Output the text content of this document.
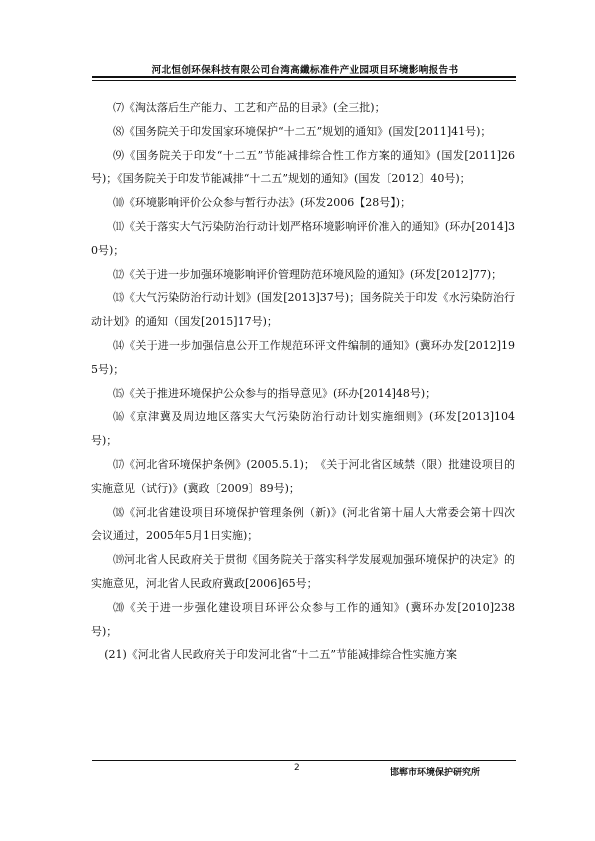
河北恒创环保科技有限公司台湾高纖标准件产业园项目环境影响报告书

⑺《淘汰落后生产能力、工艺和产品的目录》(全三批)；

⑻《国务院关于印发国家环境保护“十二五”规划的通知》(国发[2011]41号)；

⑼《国务院关于印发“十二五”节能减排综合性工作方案的通知》(国发[2011]26号)；《国务院关于印发节能减排“十二五”规划的通知》(国发〔2012〕40号)；

⑽《环境影响评价公众参与暂行办法》(环发2006【28号】)；

⑾《关于落实大气污染防治行动计划严格环境影响评价准入的通知》(环办[2014]30号)；

⑿《关于进一步加强环境影响评价管理防范环境风险的通知》(环发[2012]77)；

⒀《大气污染防治行动计划》(国发[2013]37号)；国务院关于印发《水污染防治行动计划》的通知（国发[2015]17号)；

⒁《关于进一步加强信息公开工作规范环评文件编制的通知》(冀环办发[2012]195号)；

⒂《关于推进环境保护公众参与的指导意见》(环办[2014]48号)；

⒃《京津冀及周边地区落实大气污染防治行动计划实施细则》(环发[2013]104号)；

⒄《河北省环境保护条例》(2005.5.1)；　《关于河北省区域禁（限）批建设项目的实施意见（试行)》(冀政〔2009〕89号)；

⒅《河北省建设项目环境保护管理条例（新)》(河北省第十届人大常委会第十四次会议通过，2005年5月1日实施)；

⒆河北省人民政府关于贯彻《国务院关于落实科学发展观加强环境保护的决定》的实施意见，河北省人民政府冀政[2006]65号；

⒇《关于进一步强化建设项目环评公众参与工作的通知》(冀环办发[2010]238号)；

(21)《河北省人民政府关于印发河北省“十二五”节能减排综合性实施方案

2	邯郸市环境保护研究所
